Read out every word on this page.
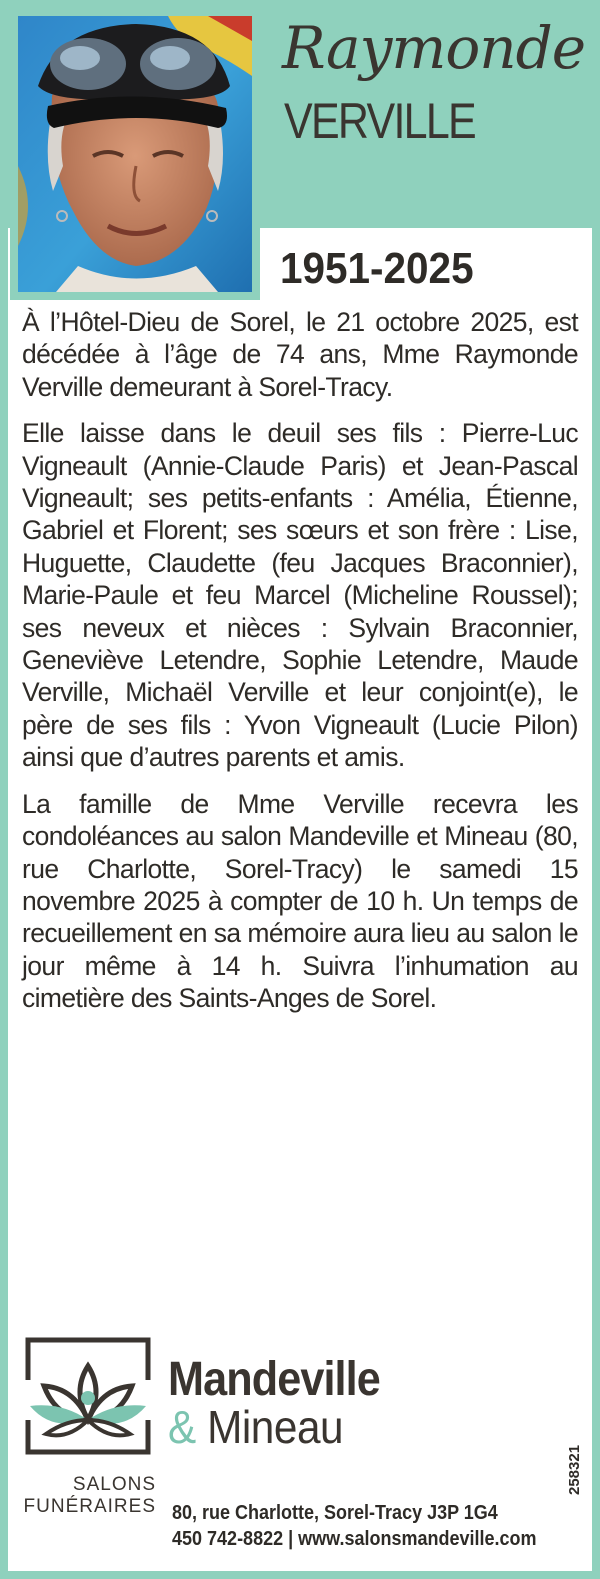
Raymonde
VERVILLE
1951-2025

À l’Hôtel-Dieu de Sorel, le 21 octobre 2025, est décédée à l’âge de 74 ans, Mme Raymonde Verville demeurant à Sorel-Tracy.

Elle laisse dans le deuil ses fils : Pierre-Luc Vigneault (Annie-Claude Paris) et Jean-Pascal Vigneault; ses petits-enfants : Amélia, Étienne, Gabriel et Florent; ses sœurs et son frère : Lise, Huguette, Claudette (feu Jacques Braconnier), Marie-Paule et feu Marcel (Micheline Roussel); ses neveux et nièces : Sylvain Braconnier, Geneviève Letendre, Sophie Letendre, Maude Verville, Michaël Verville et leur conjoint(e), le père de ses fils : Yvon Vigneault (Lucie Pilon) ainsi que d’autres parents et amis.

La famille de Mme Verville recevra les condoléances au salon Mandeville et Mineau (80, rue Charlotte, Sorel-Tracy) le samedi 15 novembre 2025 à compter de 10 h. Un temps de recueillement en sa mémoire aura lieu au salon le jour même à 14 h. Suivra l’inhumation au cimetière des Saints-Anges de Sorel.

Mandeville
& Mineau
SALONS
FUNÉRAIRES 80, rue Charlotte, Sorel-Tracy J3P 1G4
450 742-8822 | www.salonsmandeville.com
258321
